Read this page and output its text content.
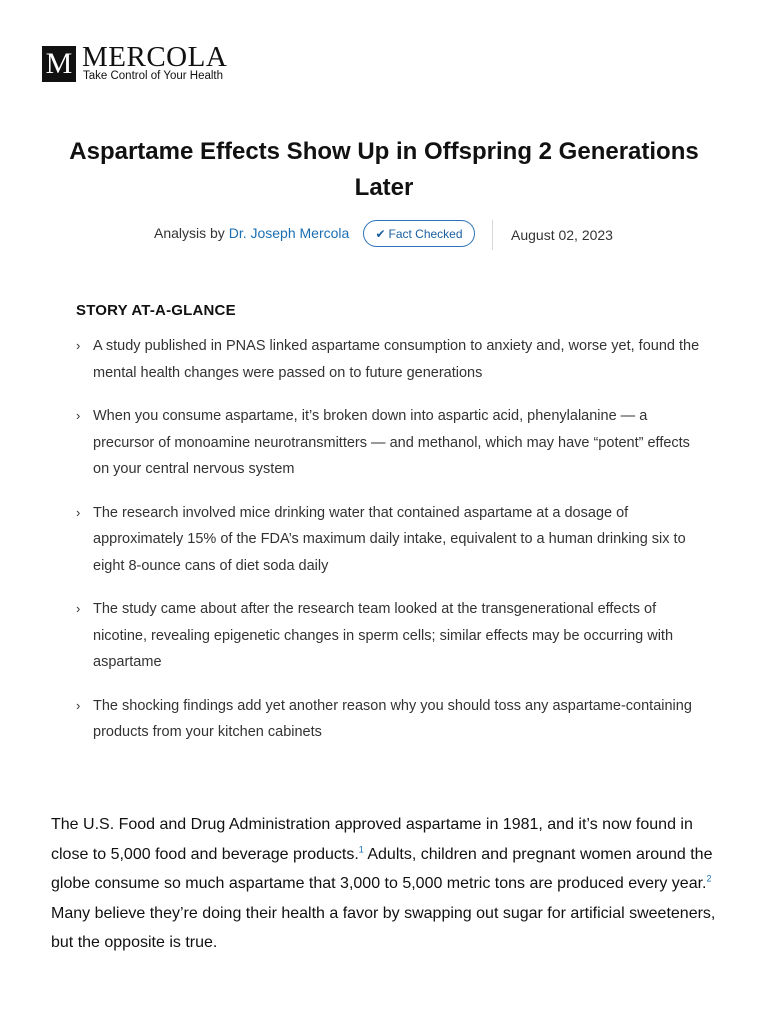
M MERCOLA
Take Control of Your Health
Aspartame Effects Show Up in Offspring 2 Generations Later
Analysis by Dr. Joseph Mercola	✔ Fact Checked	August 02, 2023
STORY AT-A-GLANCE
› A study published in PNAS linked aspartame consumption to anxiety and, worse yet, found the mental health changes were passed on to future generations
› When you consume aspartame, it’s broken down into aspartic acid, phenylalanine — a precursor of monoamine neurotransmitters — and methanol, which may have “potent” effects on your central nervous system
› The research involved mice drinking water that contained aspartame at a dosage of approximately 15% of the FDA’s maximum daily intake, equivalent to a human drinking six to eight 8-ounce cans of diet soda daily
› The study came about after the research team looked at the transgenerational effects of nicotine, revealing epigenetic changes in sperm cells; similar effects may be occurring with aspartame
› The shocking findings add yet another reason why you should toss any aspartame-containing products from your kitchen cabinets

The U.S. Food and Drug Administration approved aspartame in 1981, and it’s now found in close to 5,000 food and beverage products.$^1$ Adults, children and pregnant women around the globe consume so much aspartame that 3,000 to 5,000 metric tons are produced every year.$^2$ Many believe they’re doing their health a favor by swapping out sugar for artificial sweeteners, but the opposite is true.
